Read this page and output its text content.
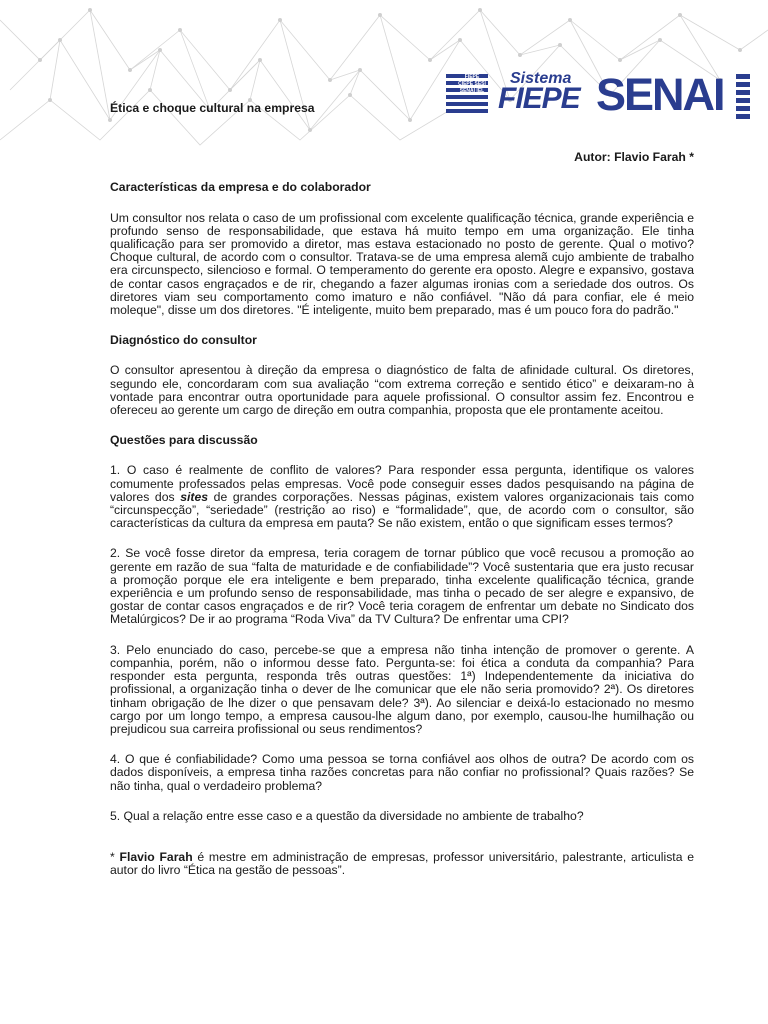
FIEPE CIEPE SESI SENAI IEL
Sistema
FIEPE SENAI

Ética e choque cultural na empresa

Autor: Flavio Farah *

Características da empresa e do colaborador

Um consultor nos relata o caso de um profissional com excelente qualificação técnica, grande experiência e profundo senso de responsabilidade, que estava há muito tempo em uma organização. Ele tinha qualificação para ser promovido a diretor, mas estava estacionado no posto de gerente. Qual o motivo? Choque cultural, de acordo com o consultor. Tratava-se de uma empresa alemã cujo ambiente de trabalho era circunspecto, silencioso e formal. O temperamento do gerente era oposto. Alegre e expansivo, gostava de contar casos engraçados e de rir, chegando a fazer algumas ironias com a seriedade dos outros. Os diretores viam seu comportamento como imaturo e não confiável. "Não dá para confiar, ele é meio moleque", disse um dos diretores. "É inteligente, muito bem preparado, mas é um pouco fora do padrão."

Diagnóstico do consultor

O consultor apresentou à direção da empresa o diagnóstico de falta de afinidade cultural. Os diretores, segundo ele, concordaram com sua avaliação “com extrema correção e sentido ético” e deixaram-no à vontade para encontrar outra oportunidade para aquele profissional. O consultor assim fez. Encontrou e ofereceu ao gerente um cargo de direção em outra companhia, proposta que ele prontamente aceitou.

Questões para discussão

1. O caso é realmente de conflito de valores? Para responder essa pergunta, identifique os valores comumente professados pelas empresas. Você pode conseguir esses dados pesquisando na página de valores dos sites de grandes corporações. Nessas páginas, existem valores organizacionais tais como “circunspecção”, “seriedade” (restrição ao riso) e “formalidade”, que, de acordo com o consultor, são características da cultura da empresa em pauta? Se não existem, então o que significam esses termos?

2. Se você fosse diretor da empresa, teria coragem de tornar público que você recusou a promoção ao gerente em razão de sua “falta de maturidade e de confiabilidade”? Você sustentaria que era justo recusar a promoção porque ele era inteligente e bem preparado, tinha excelente qualificação técnica, grande experiência e um profundo senso de responsabilidade, mas tinha o pecado de ser alegre e expansivo, de gostar de contar casos engraçados e de rir? Você teria coragem de enfrentar um debate no Sindicato dos Metalúrgicos? De ir ao programa “Roda Viva” da TV Cultura? De enfrentar uma CPI?

3. Pelo enunciado do caso, percebe-se que a empresa não tinha intenção de promover o gerente. A companhia, porém, não o informou desse fato. Pergunta-se: foi ética a conduta da companhia? Para responder esta pergunta, responda três outras questões: 1ª) Independentemente da iniciativa do profissional, a organização tinha o dever de lhe comunicar que ele não seria promovido? 2ª). Os diretores tinham obrigação de lhe dizer o que pensavam dele? 3ª). Ao silenciar e deixá-lo estacionado no mesmo cargo por um longo tempo, a empresa causou-lhe algum dano, por exemplo, causou-lhe humilhação ou prejudicou sua carreira profissional ou seus rendimentos?

4. O que é confiabilidade? Como uma pessoa se torna confiável aos olhos de outra? De acordo com os dados disponíveis, a empresa tinha razões concretas para não confiar no profissional? Quais razões? Se não tinha, qual o verdadeiro problema?

5. Qual a relação entre esse caso e a questão da diversidade no ambiente de trabalho?

* Flavio Farah é mestre em administração de empresas, professor universitário, palestrante, articulista e autor do livro “Ética na gestão de pessoas”.
